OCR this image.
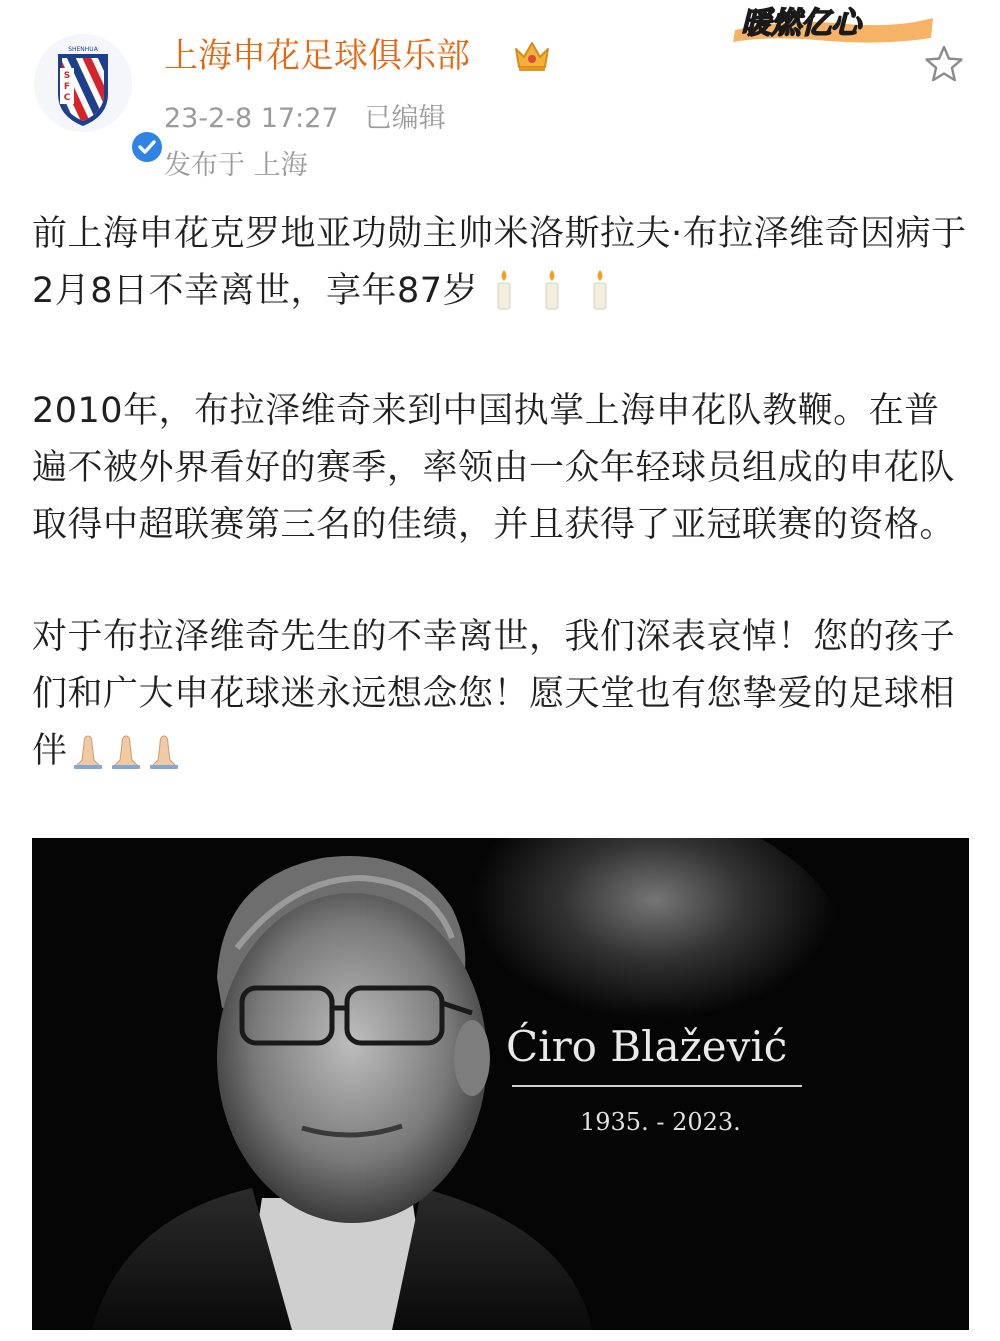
S
F
C
SHENHUA 上海申花足球俱乐部
23-2-8 17:27 已编辑
发布于 上海
暖燃亿心

前上海申花克罗地亚功勋主帅米洛斯拉夫·布拉泽维奇因病于2月8日不幸离世，享年87岁

2010年，布拉泽维奇来到中国执掌上海申花队教鞭。在普遍不被外界看好的赛季，率领由一众年轻球员组成的申花队取得中超联赛第三名的佳绩，并且获得了亚冠联赛的资格。

对于布拉泽维奇先生的不幸离世，我们深表哀悼！您的孩子们和广大申花球迷永远想念您！愿天堂也有您挚爱的足球相伴

Ćiro Blažević
1935. - 2023.
